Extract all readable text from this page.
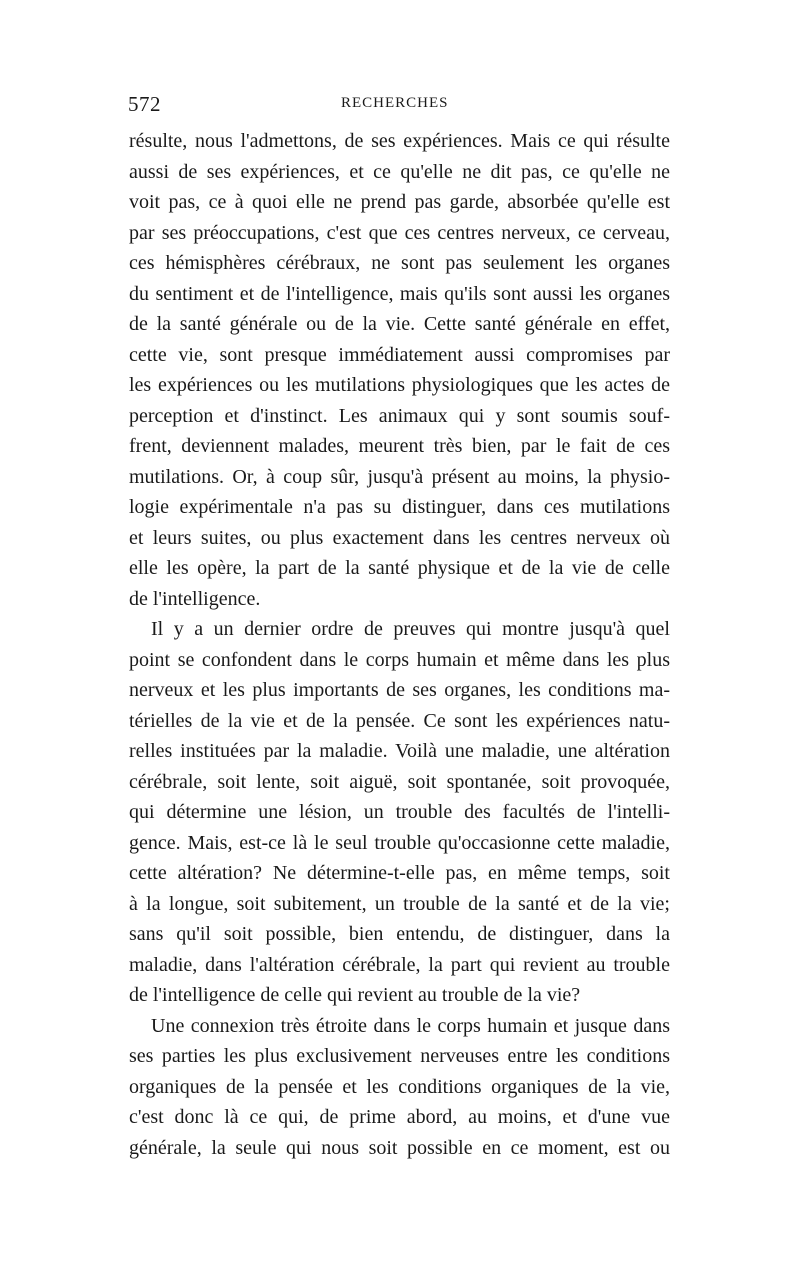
572	RECHERCHES
résulte, nous l'admettons, de ses expériences. Mais ce qui résulte
aussi de ses expériences, et ce qu'elle ne dit pas, ce qu'elle ne
voit pas, ce à quoi elle ne prend pas garde, absorbée qu'elle est
par ses préoccupations, c'est que ces centres nerveux, ce cerveau,
ces hémisphères cérébraux, ne sont pas seulement les organes
du sentiment et de l'intelligence, mais qu'ils sont aussi les organes
de la santé générale ou de la vie. Cette santé générale en effet,
cette vie, sont presque immédiatement aussi compromises par
les expériences ou les mutilations physiologiques que les actes de
perception et d'instinct. Les animaux qui y sont soumis souf-
frent, deviennent malades, meurent très bien, par le fait de ces
mutilations. Or, à coup sûr, jusqu'à présent au moins, la physio-
logie expérimentale n'a pas su distinguer, dans ces mutilations
et leurs suites, ou plus exactement dans les centres nerveux où
elle les opère, la part de la santé physique et de la vie de celle
de l'intelligence.
Il y a un dernier ordre de preuves qui montre jusqu'à quel
point se confondent dans le corps humain et même dans les plus
nerveux et les plus importants de ses organes, les conditions ma-
térielles de la vie et de la pensée. Ce sont les expériences natu-
relles instituées par la maladie. Voilà une maladie, une altération
cérébrale, soit lente, soit aiguë, soit spontanée, soit provoquée,
qui détermine une lésion, un trouble des facultés de l'intelli-
gence. Mais, est-ce là le seul trouble qu'occasionne cette maladie,
cette altération? Ne détermine-t-elle pas, en même temps, soit
à la longue, soit subitement, un trouble de la santé et de la vie;
sans qu'il soit possible, bien entendu, de distinguer, dans la
maladie, dans l'altération cérébrale, la part qui revient au trouble
de l'intelligence de celle qui revient au trouble de la vie?
Une connexion très étroite dans le corps humain et jusque dans
ses parties les plus exclusivement nerveuses entre les conditions
organiques de la pensée et les conditions organiques de la vie,
c'est donc là ce qui, de prime abord, au moins, et d'une vue
générale, la seule qui nous soit possible en ce moment, est ou
